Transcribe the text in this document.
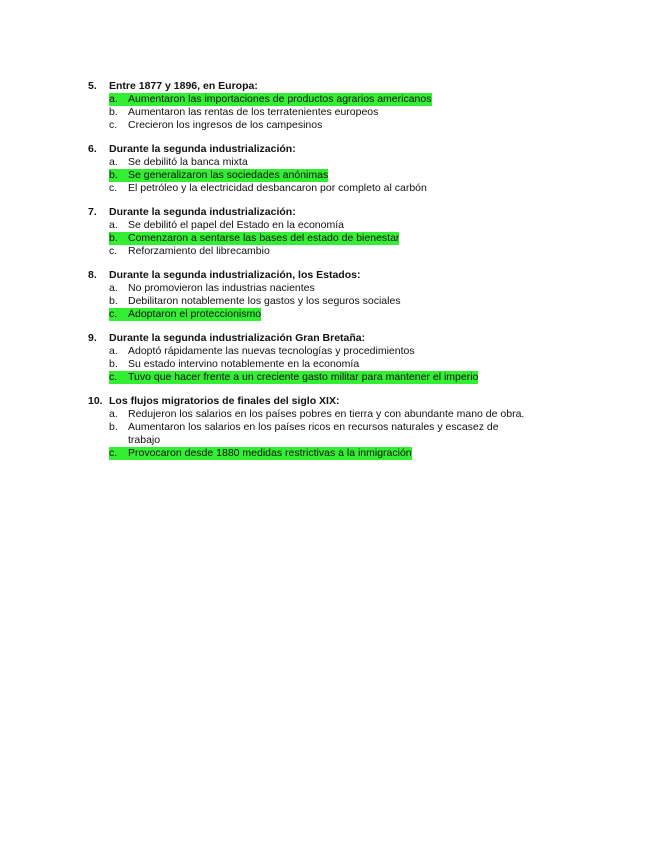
5.	Entre 1877 y 1896, en Europa:
a. Aumentaron las importaciones de productos agrarios americanos
b. Aumentaron las rentas de los terratenientes europeos
c.	Crecieron los ingresos de los campesinos
6.	Durante la segunda industrialización:
a. Se debilitó la banca mixta
b. Se generalizaron las sociedades anónimas
c.	El petróleo y la electricidad desbancaron por completo al carbón
7.	Durante la segunda industrialización:
a. Se debilitó el papel del Estado en la economía
b. Comenzaron a sentarse las bases del estado de bienestar
c.	Reforzamiento del librecambio
8.	Durante la segunda industrialización, los Estados:
a. No promovieron las industrias nacientes
b. Debilitaron notablemente los gastos y los seguros sociales
c.	Adoptaron el proteccionismo
9.	Durante la segunda industrialización Gran Bretaña:
a. Adoptó rápidamente las nuevas tecnologías y procedimientos
b. Su estado intervino notablemente en la economía
c.	Tuvo que hacer frente a un creciente gasto militar para mantener el imperio
10. Los flujos migratorios de finales del siglo XIX:
a. Redujeron los salarios en los países pobres en tierra y con abundante mano de obra.
b. Aumentaron los salarios en los países ricos en recursos naturales y escasez de trabajo
c.	Provocaron desde 1880 medidas restrictivas a la inmigración
